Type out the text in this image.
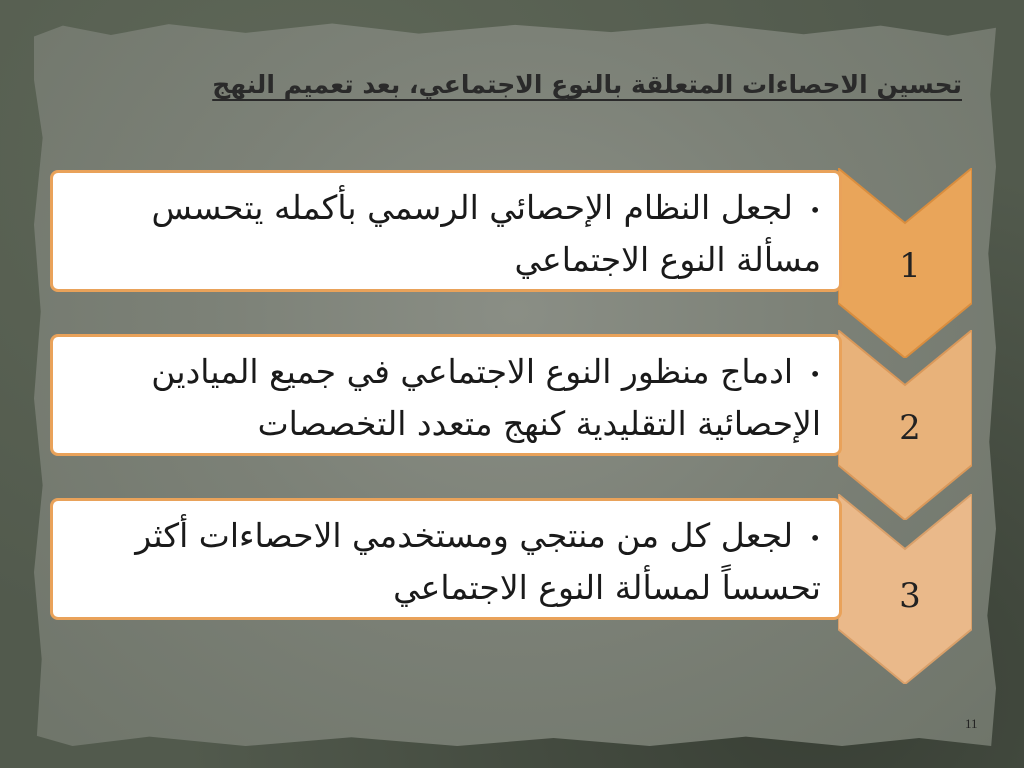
تحسين الاحصاءات المتعلقة بالنوع الاجتماعي، بعد تعميم النهج
1
•لجعل النظام الإحصائي الرسمي بأكمله يتحسس مسألة النوع الاجتماعي
2
•ادماج منظور النوع الاجتماعي في جميع الميادين الإحصائية التقليدية كنهج متعدد التخصصات
3
•لجعل كل من منتجي ومستخدمي الاحصاءات أكثر تحسساً لمسألة النوع الاجتماعي
11
